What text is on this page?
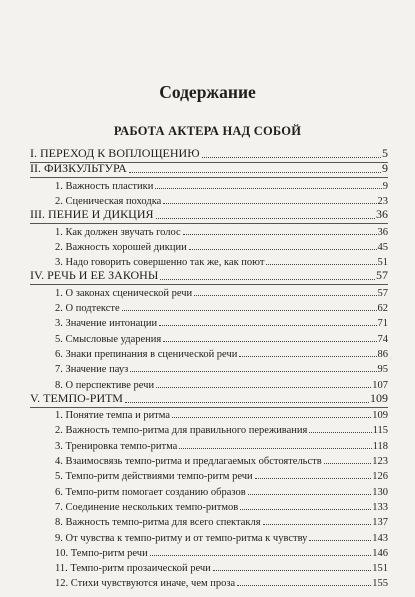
Содержание
РАБОТА АКТЕРА НАД СОБОЙ
I. ПЕРЕХОД К ВОПЛОЩЕНИЮ	5
II. ФИЗКУЛЬТУРА	9
1. Важность пластики	9
2. Сценическая походка	23
III. ПЕНИЕ И ДИКЦИЯ	36
1. Как должен звучать голос	36
2. Важность хорошей дикции	45
3. Надо говорить совершенно так же, как поют	51
IV. РЕЧЬ И ЕЕ ЗАКОНЫ	57
1. О законах сценической речи	57
2. О подтексте	62
3. Значение интонации	71
5. Смысловые ударения	74
6. Знаки препинания в сценической речи	86
7. Значение пауз	95
8. О перспективе речи	107
V. ТЕМПО-РИТМ	109
1. Понятие темпа и ритма	109
2. Важность темпо-ритма для правильного переживания	115
3. Тренировка темпо-ритма	118
4. Взаимосвязь темпо-ритма и предлагаемых обстоятельств	123
5. Темпо-ритм действиями темпо-ритм речи	126
6. Темпо-ритм помогает созданию образов	130
7. Соединение нескольких темпо-ритмов	133
8. Важность темпо-ритма для всего спектакля	137
9. От чувства к темпо-ритму и от темпо-ритма к чувству	143
10. Темпо-ритм речи	146
11. Темпо-ритм прозаической речи	151
12. Стихи чувствуются иначе, чем проза	155
